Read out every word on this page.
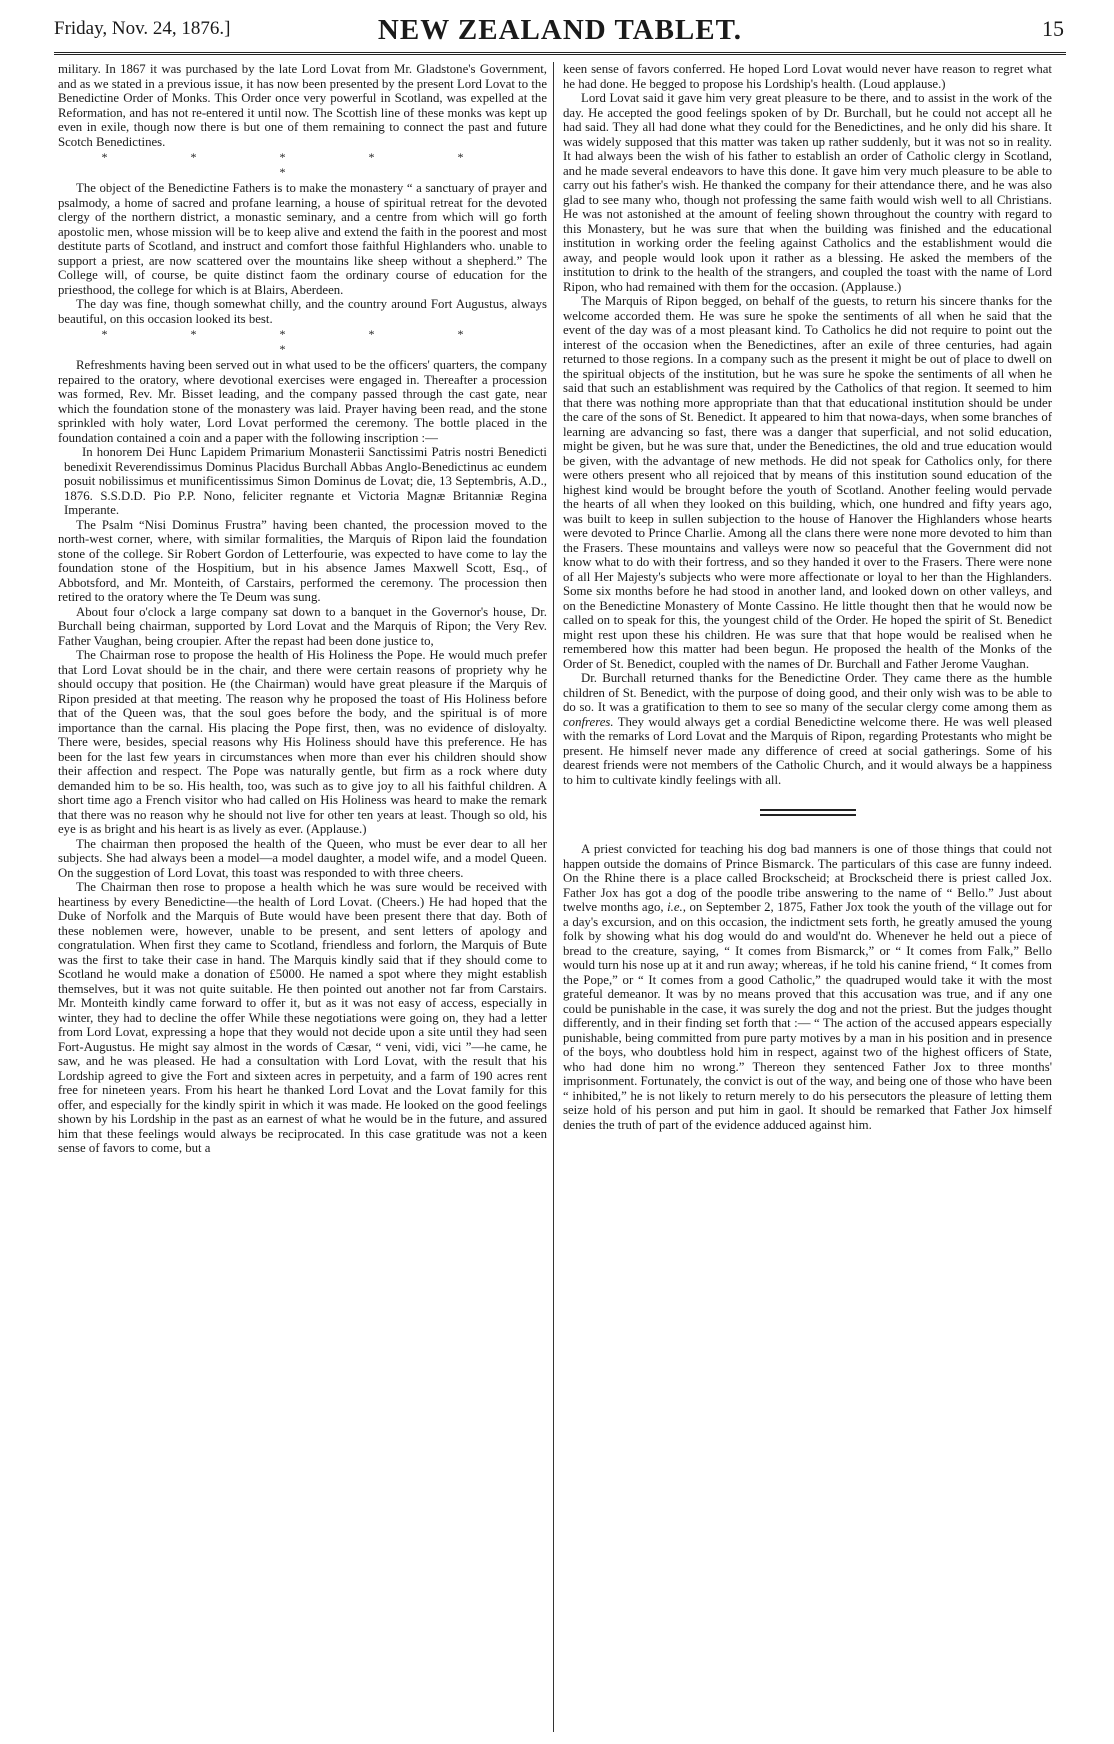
Friday, Nov. 24, 1876.]	NEW ZEALAND TABLET.	15

military. In 1867 it was purchased by the late Lord Lovat from Mr. Gladstone's Government, and as we stated in a previous issue, it has now been presented by the present Lord Lovat to the Benedictine Order of Monks. This Order once very powerful in Scotland, was expelled at the Reformation, and has not re-entered it until now. The Scottish line of these monks was kept up even in exile, though now there is but one of them remaining to connect the past and future Scotch Benedictines.

* * * * * *

The object of the Benedictine Fathers is to make the monastery “ a sanctuary of prayer and psalmody, a home of sacred and profane learning, a house of spiritual retreat for the devoted clergy of the northern district, a monastic seminary, and a centre from which will go forth apostolic men, whose mission will be to keep alive and extend the faith in the poorest and most destitute parts of Scotland, and instruct and comfort those faithful Highlanders who. unable to support a priest, are now scattered over the mountains like sheep without a shepherd.” The College will, of course, be quite distinct faom the ordinary course of education for the priesthood, the college for which is at Blairs, Aberdeen.

The day was fine, though somewhat chilly, and the country around Fort Augustus, always beautiful, on this occasion looked its best.

* * * * * *

Refreshments having been served out in what used to be the officers' quarters, the company repaired to the oratory, where devotional exercises were engaged in. Thereafter a procession was formed, Rev. Mr. Bisset leading, and the company passed through the cast gate, near which the foundation stone of the monastery was laid. Prayer having been read, and the stone sprinkled with holy water, Lord Lovat performed the ceremony. The bottle placed in the foundation contained a coin and a paper with the following inscription :—

In honorem Dei Hunc Lapidem Primarium Monasterii Sanctissimi Patris nostri Benedicti benedixit Reverendissimus Dominus Placidus Burchall Abbas Anglo-Benedictinus ac eundem posuit nobilissimus et munificentissimus Simon Dominus de Lovat; die, 13 Septembris, A.D., 1876. S.S.D.D. Pio P.P. Nono, feliciter regnante et Victoria Magnæ Britanniæ Regina Imperante.

The Psalm “Nisi Dominus Frustra” having been chanted, the procession moved to the north-west corner, where, with similar formalities, the Marquis of Ripon laid the foundation stone of the college. Sir Robert Gordon of Letterfourie, was expected to have come to lay the foundation stone of the Hospitium, but in his absence James Maxwell Scott, Esq., of Abbotsford, and Mr. Monteith, of Carstairs, performed the ceremony. The procession then retired to the oratory where the Te Deum was sung.

About four o'clock a large company sat down to a banquet in the Governor's house, Dr. Burchall being chairman, supported by Lord Lovat and the Marquis of Ripon; the Very Rev. Father Vaughan, being croupier. After the repast had been done justice to,

The Chairman rose to propose the health of His Holiness the Pope. He would much prefer that Lord Lovat should be in the chair, and there were certain reasons of propriety why he should occupy that position. He (the Chairman) would have great pleasure if the Marquis of Ripon presided at that meeting. The reason why he proposed the toast of His Holiness before that of the Queen was, that the soul goes before the body, and the spiritual is of more importance than the carnal. His placing the Pope first, then, was no evidence of disloyalty. There were, besides, special reasons why His Holiness should have this preference. He has been for the last few years in circumstances when more than ever his children should show their affection and respect. The Pope was naturally gentle, but firm as a rock where duty demanded him to be so. His health, too, was such as to give joy to all his faithful children. A short time ago a French visitor who had called on His Holiness was heard to make the remark that there was no reason why he should not live for other ten years at least. Though so old, his eye is as bright and his heart is as lively as ever. (Applause.)

The chairman then proposed the health of the Queen, who must be ever dear to all her subjects. She had always been a model—a model daughter, a model wife, and a model Queen. On the suggestion of Lord Lovat, this toast was responded to with three cheers.

The Chairman then rose to propose a health which he was sure would be received with heartiness by every Benedictine—the health of Lord Lovat. (Cheers.) He had hoped that the Duke of Norfolk and the Marquis of Bute would have been present there that day. Both of these noblemen were, however, unable to be present, and sent letters of apology and congratulation. When first they came to Scotland, friendless and forlorn, the Marquis of Bute was the first to take their case in hand. The Marquis kindly said that if they should come to Scotland he would make a donation of £5000. He named a spot where they might establish themselves, but it was not quite suitable. He then pointed out another not far from Carstairs. Mr. Monteith kindly came forward to offer it, but as it was not easy of access, especially in winter, they had to decline the offer While these negotiations were going on, they had a letter from Lord Lovat, expressing a hope that they would not decide upon a site until they had seen Fort-Augustus. He might say almost in the words of Cæsar, “ veni, vidi, vici ”—he came, he saw, and he was pleased. He had a consultation with Lord Lovat, with the result that his Lordship agreed to give the Fort and sixteen acres in perpetuity, and a farm of 190 acres rent free for nineteen years. From his heart he thanked Lord Lovat and the Lovat family for this offer, and especially for the kindly spirit in which it was made. He looked on the good feelings shown by his Lordship in the past as an earnest of what he would be in the future, and assured him that these feelings would always be reciprocated. In this case gratitude was not a keen sense of favors to come, but a

keen sense of favors conferred. He hoped Lord Lovat would never have reason to regret what he had done. He begged to propose his Lordship's health. (Loud applause.)

Lord Lovat said it gave him very great pleasure to be there, and to assist in the work of the day. He accepted the good feelings spoken of by Dr. Burchall, but he could not accept all he had said. They all had done what they could for the Benedictines, and he only did his share. It was widely supposed that this matter was taken up rather suddenly, but it was not so in reality. It had always been the wish of his father to establish an order of Catholic clergy in Scotland, and he made several endeavors to have this done. It gave him very much pleasure to be able to carry out his father's wish. He thanked the company for their attendance there, and he was also glad to see many who, though not professing the same faith would wish well to all Christians. He was not astonished at the amount of feeling shown throughout the country with regard to this Monastery, but he was sure that when the building was finished and the educational institution in working order the feeling against Catholics and the establishment would die away, and people would look upon it rather as a blessing. He asked the members of the institution to drink to the health of the strangers, and coupled the toast with the name of Lord Ripon, who had remained with them for the occasion. (Applause.)

The Marquis of Ripon begged, on behalf of the guests, to return his sincere thanks for the welcome accorded them. He was sure he spoke the sentiments of all when he said that the event of the day was of a most pleasant kind. To Catholics he did not require to point out the interest of the occasion when the Benedictines, after an exile of three centuries, had again returned to those regions. In a company such as the present it might be out of place to dwell on the spiritual objects of the institution, but he was sure he spoke the sentiments of all when he said that such an establishment was required by the Catholics of that region. It seemed to him that there was nothing more appropriate than that that educational institution should be under the care of the sons of St. Benedict. It appeared to him that nowa-days, when some branches of learning are advancing so fast, there was a danger that superficial, and not solid education, might be given, but he was sure that, under the Benedictines, the old and true education would be given, with the advantage of new methods. He did not speak for Catholics only, for there were others present who all rejoiced that by means of this institution sound education of the highest kind would be brought before the youth of Scotland. Another feeling would pervade the hearts of all when they looked on this building, which, one hundred and fifty years ago, was built to keep in sullen subjection to the house of Hanover the Highlanders whose hearts were devoted to Prince Charlie. Among all the clans there were none more devoted to him than the Frasers. These mountains and valleys were now so peaceful that the Government did not know what to do with their fortress, and so they handed it over to the Frasers. There were none of all Her Majesty's subjects who were more affectionate or loyal to her than the Highlanders. Some six months before he had stood in another land, and looked down on other valleys, and on the Benedictine Monastery of Monte Cassino. He little thought then that he would now be called on to speak for this, the youngest child of the Order. He hoped the spirit of St. Benedict might rest upon these his children. He was sure that that hope would be realised when he remembered how this matter had been begun. He proposed the health of the Monks of the Order of St. Benedict, coupled with the names of Dr. Burchall and Father Jerome Vaughan.

Dr. Burchall returned thanks for the Benedictine Order. They came there as the humble children of St. Benedict, with the purpose of doing good, and their only wish was to be able to do so. It was a gratification to them to see so many of the secular clergy come among them as confreres. They would always get a cordial Benedictine welcome there. He was well pleased with the remarks of Lord Lovat and the Marquis of Ripon, regarding Protestants who might be present. He himself never made any difference of creed at social gatherings. Some of his dearest friends were not members of the Catholic Church, and it would always be a happiness to him to cultivate kindly feelings with all.

A priest convicted for teaching his dog bad manners is one of those things that could not happen outside the domains of Prince Bismarck. The particulars of this case are funny indeed. On the Rhine there is a place called Brockscheid; at Brockscheid there is priest called Jox. Father Jox has got a dog of the poodle tribe answering to the name of “ Bello.” Just about twelve months ago, i.e., on September 2, 1875, Father Jox took the youth of the village out for a day's excursion, and on this occasion, the indictment sets forth, he greatly amused the young folk by showing what his dog would do and would'nt do. Whenever he held out a piece of bread to the creature, saying, “ It comes from Bismarck,” or “ It comes from Falk,” Bello would turn his nose up at it and run away; whereas, if he told his canine friend, “ It comes from the Pope,” or “ It comes from a good Catholic,” the quadruped would take it with the most grateful demeanor. It was by no means proved that this accusation was true, and if any one could be punishable in the case, it was surely the dog and not the priest. But the judges thought differently, and in their finding set forth that :— “ The action of the accused appears especially punishable, being committed from pure party motives by a man in his position and in presence of the boys, who doubtless hold him in respect, against two of the highest officers of State, who had done him no wrong.” Thereon they sentenced Father Jox to three months' imprisonment. Fortunately, the convict is out of the way, and being one of those who have been “ inhibited,” he is not likely to return merely to do his persecutors the pleasure of letting them seize hold of his person and put him in gaol. It should be remarked that Father Jox himself denies the truth of part of the evidence adduced against him.
